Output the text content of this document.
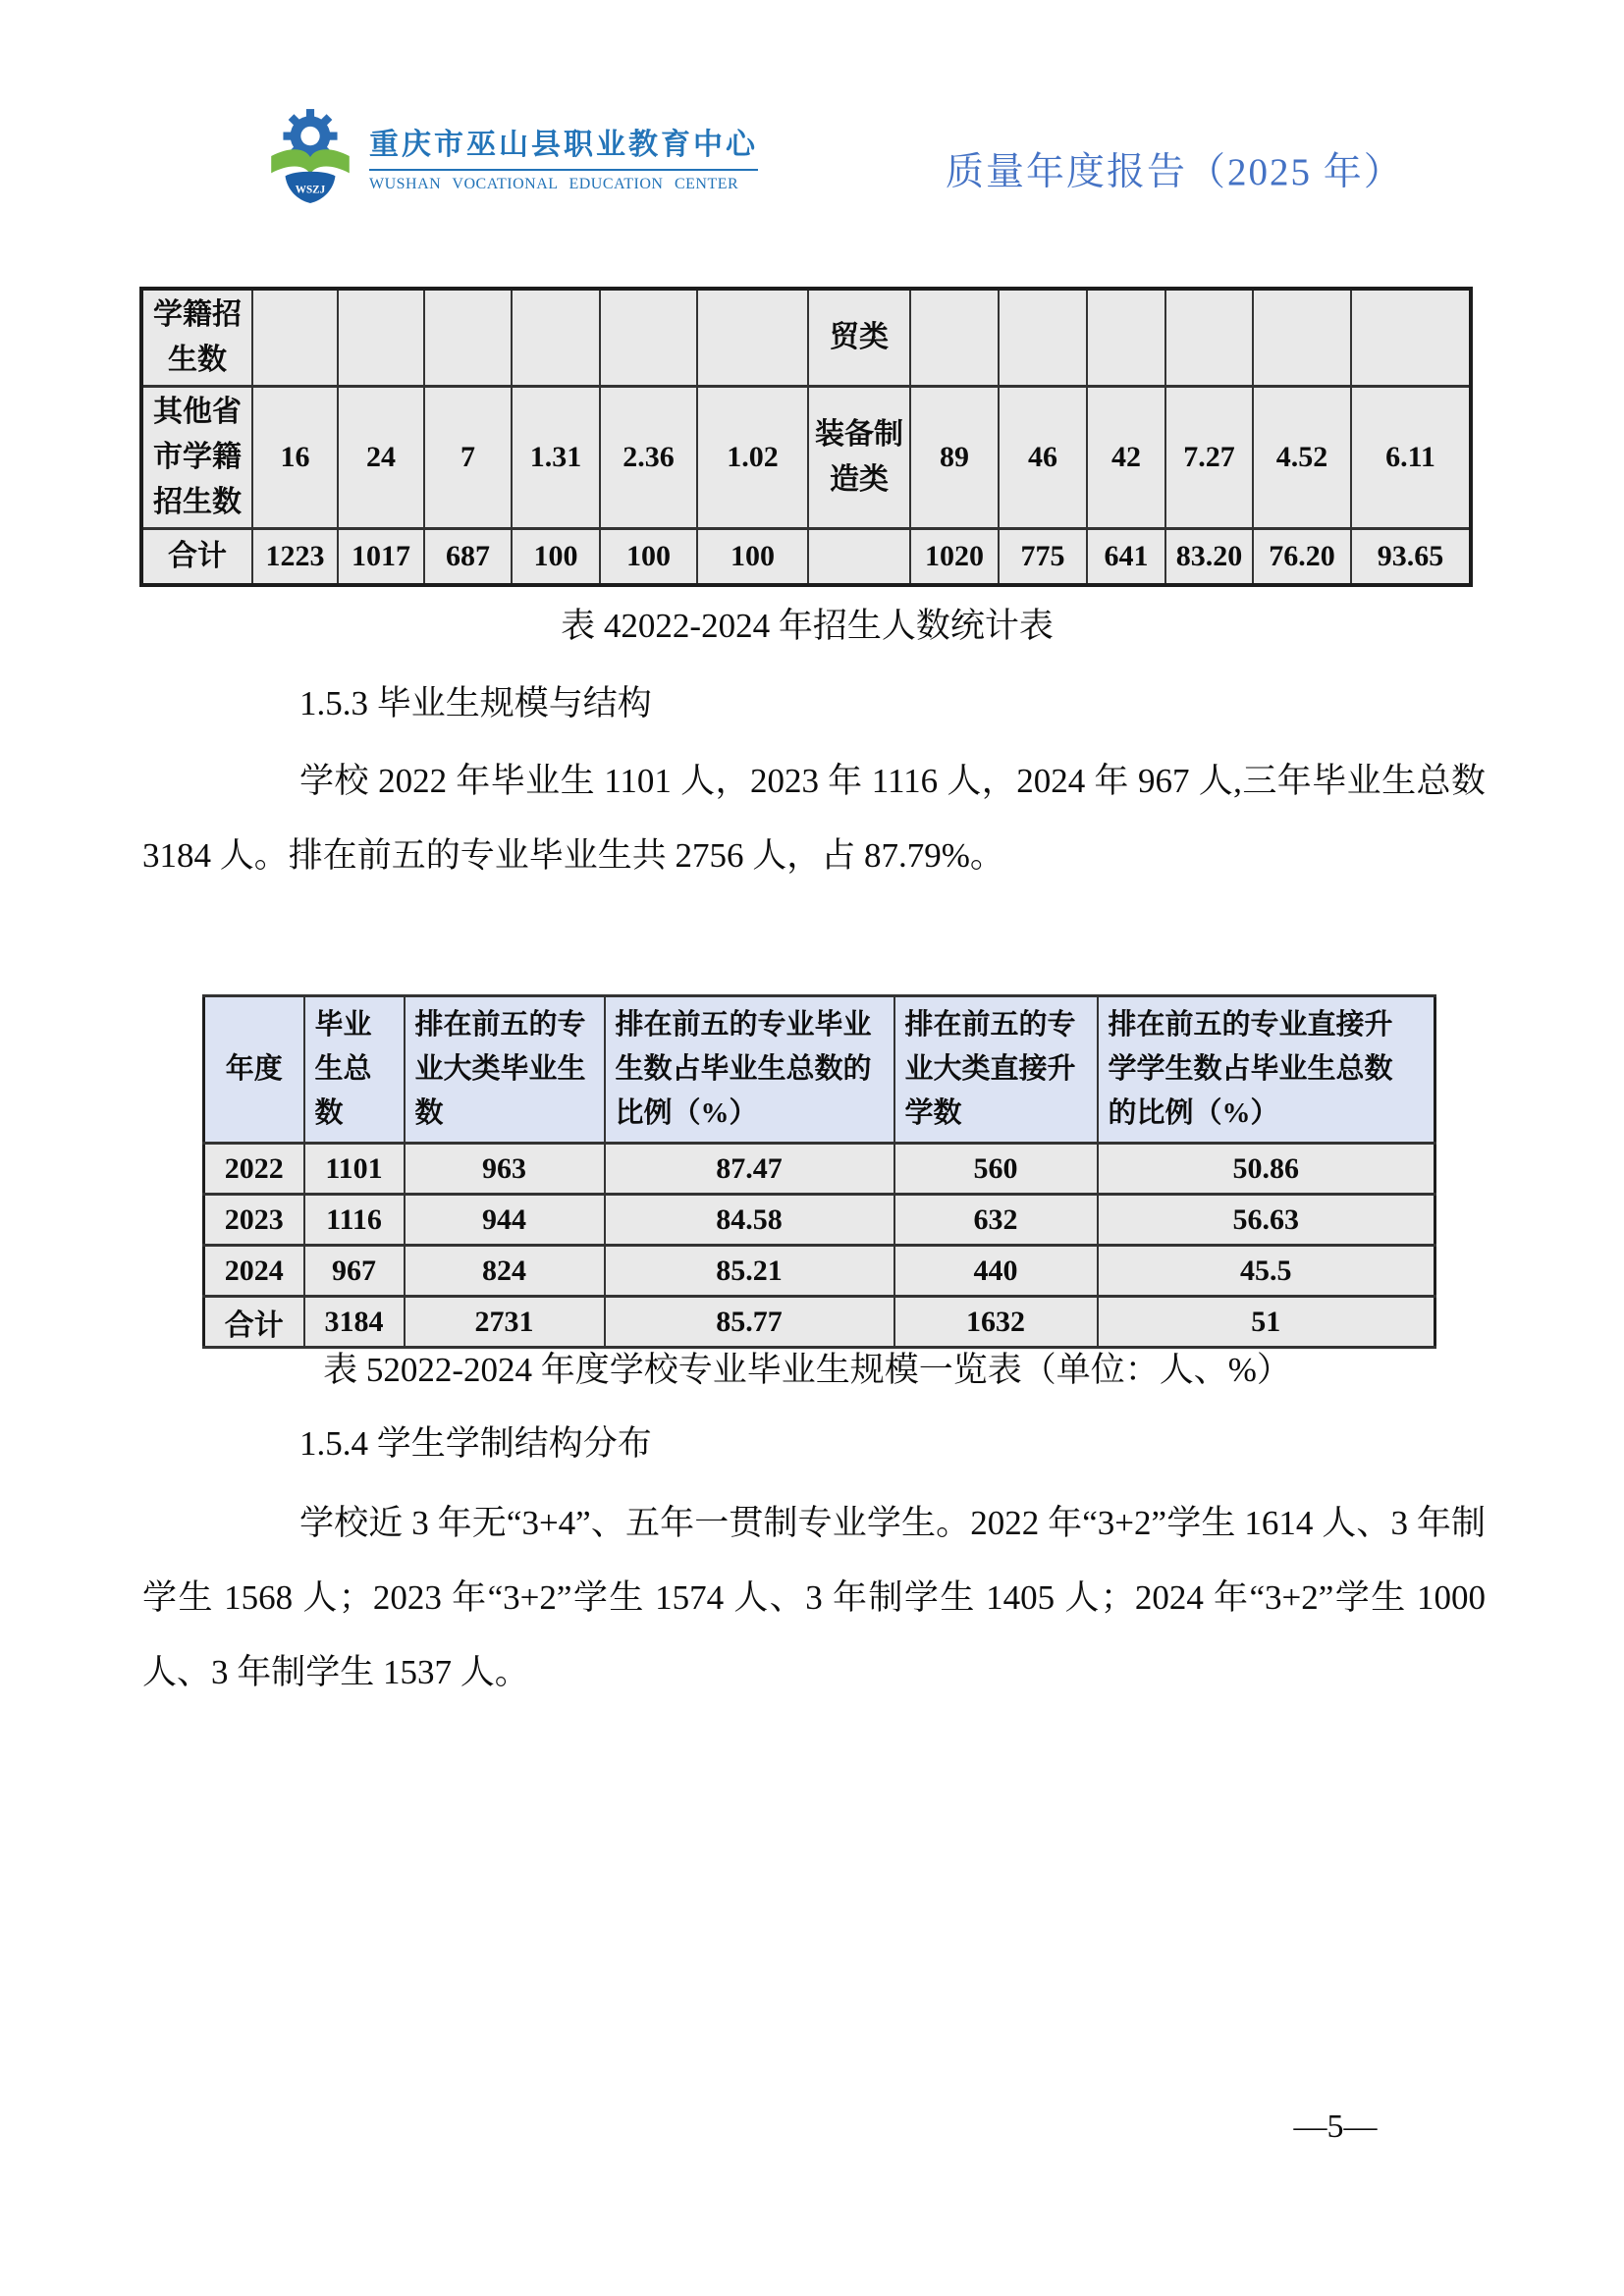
WSZJ
重庆市巫山县职业教育中心
WUSHAN VOCATIONAL EDUCATION CENTER	质量年度报告（2025 年）
学籍招生数							贸类						
其他省市学籍招生数	16	24	7	1.31	2.36	1.02	装备制造类	89	46	42	7.27	4.52	6.11
合计	1223	1017	687	100	100	100		1020	775	641	83.20	76.20	93.65
表 42022-2024 年招生人数统计表
1.5.3 毕业生规模与结构

学校 2022 年毕业生 1101 人，2023 年 1116 人，2024 年 967 人,三年毕业生总数 3184 人。排在前五的专业毕业生共 2756 人，占 87.79%。

年度	毕业生总数	排在前五的专业大类毕业生数	排在前五的专业毕业生数占毕业生总数的比例（%）	排在前五的专业大类直接升学数	排在前五的专业直接升学学生数占毕业生总数的比例（%）
2022	1101	963	87.47	560	50.86
2023	1116	944	84.58	632	56.63
2024	967	824	85.21	440	45.5
合计	3184	2731	85.77	1632	51
表 52022-2024 年度学校专业毕业生规模一览表（单位：人、%）
1.5.4 学生学制结构分布

学校近 3 年无“3+4”、五年一贯制专业学生。2022 年“3+2”学生 1614 人、3 年制学生 1568 人；2023 年“3+2”学生 1574 人、3 年制学生 1405 人；2024 年“3+2”学生 1000 人、3 年制学生 1537 人。

—5—
